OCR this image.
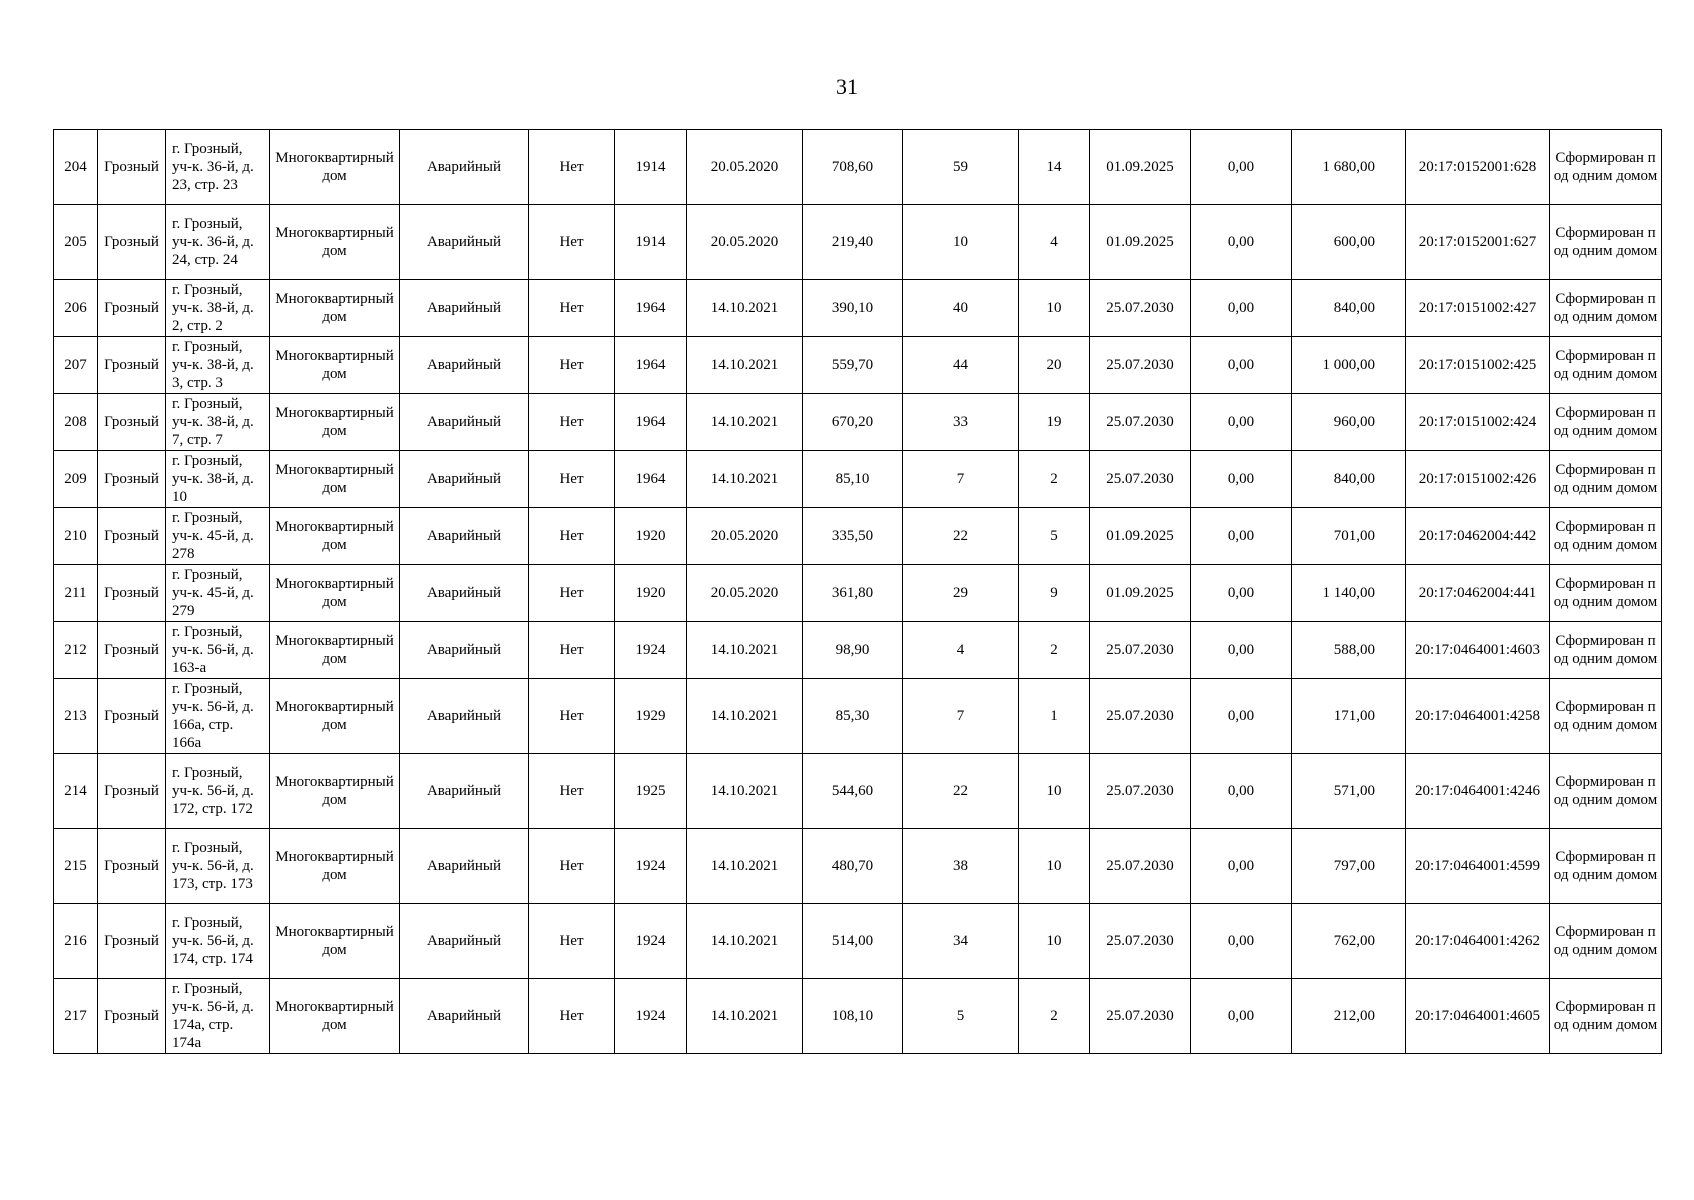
31
204	Грозный	г. Грозный, уч-к. 36-й, д. 23, стр. 23	Многоквартирный дом	Аварийный	Нет	1914	20.05.2020	708,60	59	14	01.09.2025	0,00	1 680,00	20:17:0152001:628	Сформирован под одним домом
205	Грозный	г. Грозный, уч-к. 36-й, д. 24, стр. 24	Многоквартирный дом	Аварийный	Нет	1914	20.05.2020	219,40	10	4	01.09.2025	0,00	600,00	20:17:0152001:627	Сформирован под одним домом
206	Грозный	г. Грозный, уч-к. 38-й, д. 2, стр. 2	Многоквартирный дом	Аварийный	Нет	1964	14.10.2021	390,10	40	10	25.07.2030	0,00	840,00	20:17:0151002:427	Сформирован под одним домом
207	Грозный	г. Грозный, уч-к. 38-й, д. 3, стр. 3	Многоквартирный дом	Аварийный	Нет	1964	14.10.2021	559,70	44	20	25.07.2030	0,00	1 000,00	20:17:0151002:425	Сформирован под одним домом
208	Грозный	г. Грозный, уч-к. 38-й, д. 7, стр. 7	Многоквартирный дом	Аварийный	Нет	1964	14.10.2021	670,20	33	19	25.07.2030	0,00	960,00	20:17:0151002:424	Сформирован под одним домом
209	Грозный	г. Грозный, уч-к. 38-й, д. 10	Многоквартирный дом	Аварийный	Нет	1964	14.10.2021	85,10	7	2	25.07.2030	0,00	840,00	20:17:0151002:426	Сформирован под одним домом
210	Грозный	г. Грозный, уч-к. 45-й, д. 278	Многоквартирный дом	Аварийный	Нет	1920	20.05.2020	335,50	22	5	01.09.2025	0,00	701,00	20:17:0462004:442	Сформирован под одним домом
211	Грозный	г. Грозный, уч-к. 45-й, д. 279	Многоквартирный дом	Аварийный	Нет	1920	20.05.2020	361,80	29	9	01.09.2025	0,00	1 140,00	20:17:0462004:441	Сформирован под одним домом
212	Грозный	г. Грозный, уч-к. 56-й, д. 163-а	Многоквартирный дом	Аварийный	Нет	1924	14.10.2021	98,90	4	2	25.07.2030	0,00	588,00	20:17:0464001:4603	Сформирован под одним домом
213	Грозный	г. Грозный, уч-к. 56-й, д. 166а, стр. 166а	Многоквартирный дом	Аварийный	Нет	1929	14.10.2021	85,30	7	1	25.07.2030	0,00	171,00	20:17:0464001:4258	Сформирован под одним домом
214	Грозный	г. Грозный, уч-к. 56-й, д. 172, стр. 172	Многоквартирный дом	Аварийный	Нет	1925	14.10.2021	544,60	22	10	25.07.2030	0,00	571,00	20:17:0464001:4246	Сформирован под одним домом
215	Грозный	г. Грозный, уч-к. 56-й, д. 173, стр. 173	Многоквартирный дом	Аварийный	Нет	1924	14.10.2021	480,70	38	10	25.07.2030	0,00	797,00	20:17:0464001:4599	Сформирован под одним домом
216	Грозный	г. Грозный, уч-к. 56-й, д. 174, стр. 174	Многоквартирный дом	Аварийный	Нет	1924	14.10.2021	514,00	34	10	25.07.2030	0,00	762,00	20:17:0464001:4262	Сформирован под одним домом
217	Грозный	г. Грозный, уч-к. 56-й, д. 174а, стр. 174а	Многоквартирный дом	Аварийный	Нет	1924	14.10.2021	108,10	5	2	25.07.2030	0,00	212,00	20:17:0464001:4605	Сформирован под одним домом
